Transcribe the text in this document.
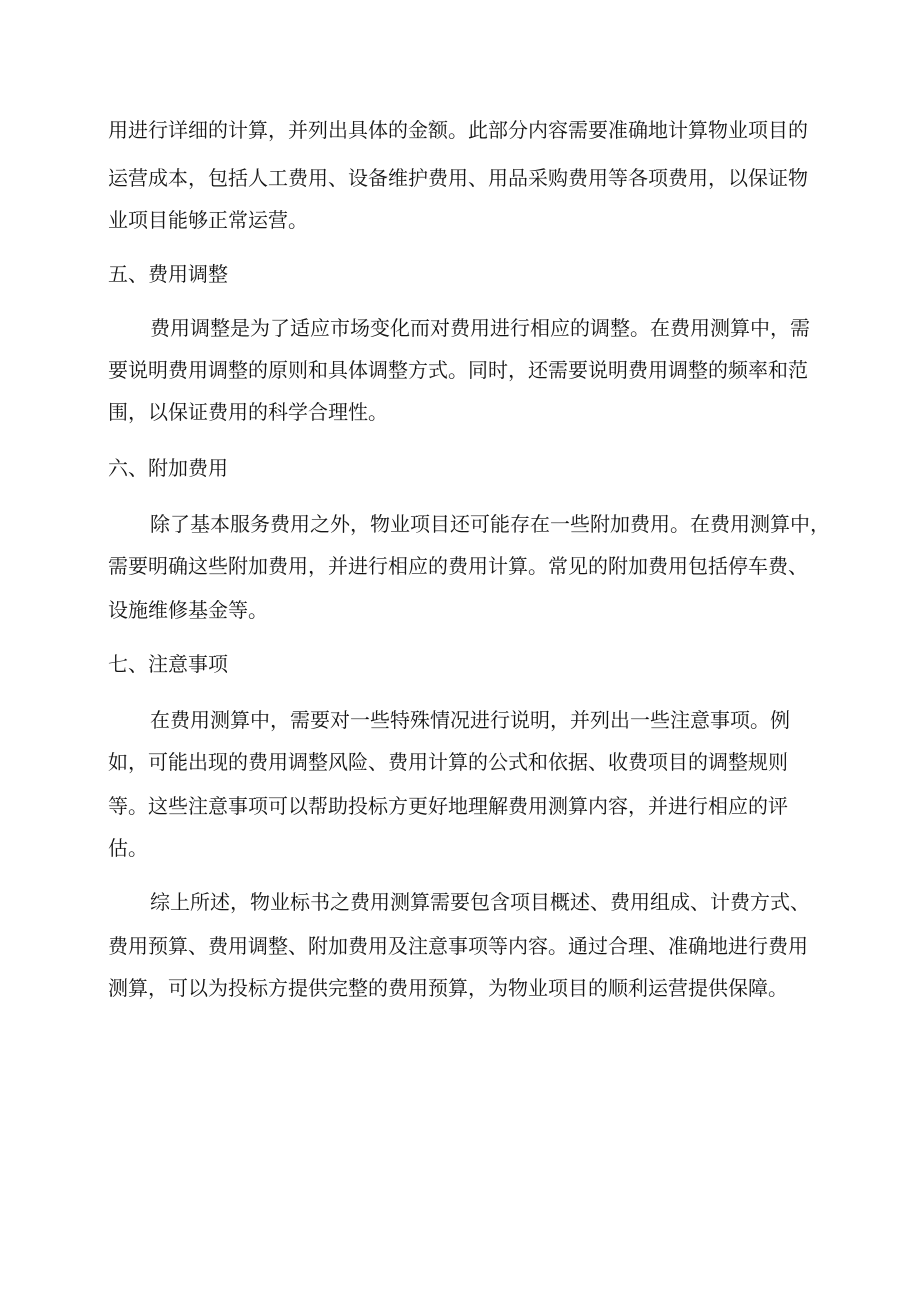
用进行详细的计算，并列出具体的金额。此部分内容需要准确地计算物业项目的
运营成本，包括人工费用、设备维护费用、用品采购费用等各项费用，以保证物
业项目能够正常运营。
五、费用调整
费用调整是为了适应市场变化而对费用进行相应的调整。在费用测算中，需
要说明费用调整的原则和具体调整方式。同时，还需要说明费用调整的频率和范
围，以保证费用的科学合理性。
六、附加费用
除了基本服务费用之外，物业项目还可能存在一些附加费用。在费用测算中，
需要明确这些附加费用，并进行相应的费用计算。常见的附加费用包括停车费、
设施维修基金等。
七、注意事项
在费用测算中，需要对一些特殊情况进行说明，并列出一些注意事项。例
如，可能出现的费用调整风险、费用计算的公式和依据、收费项目的调整规则
等。这些注意事项可以帮助投标方更好地理解费用测算内容，并进行相应的评
估。
综上所述，物业标书之费用测算需要包含项目概述、费用组成、计费方式、
费用预算、费用调整、附加费用及注意事项等内容。通过合理、准确地进行费用
测算，可以为投标方提供完整的费用预算，为物业项目的顺利运营提供保障。
